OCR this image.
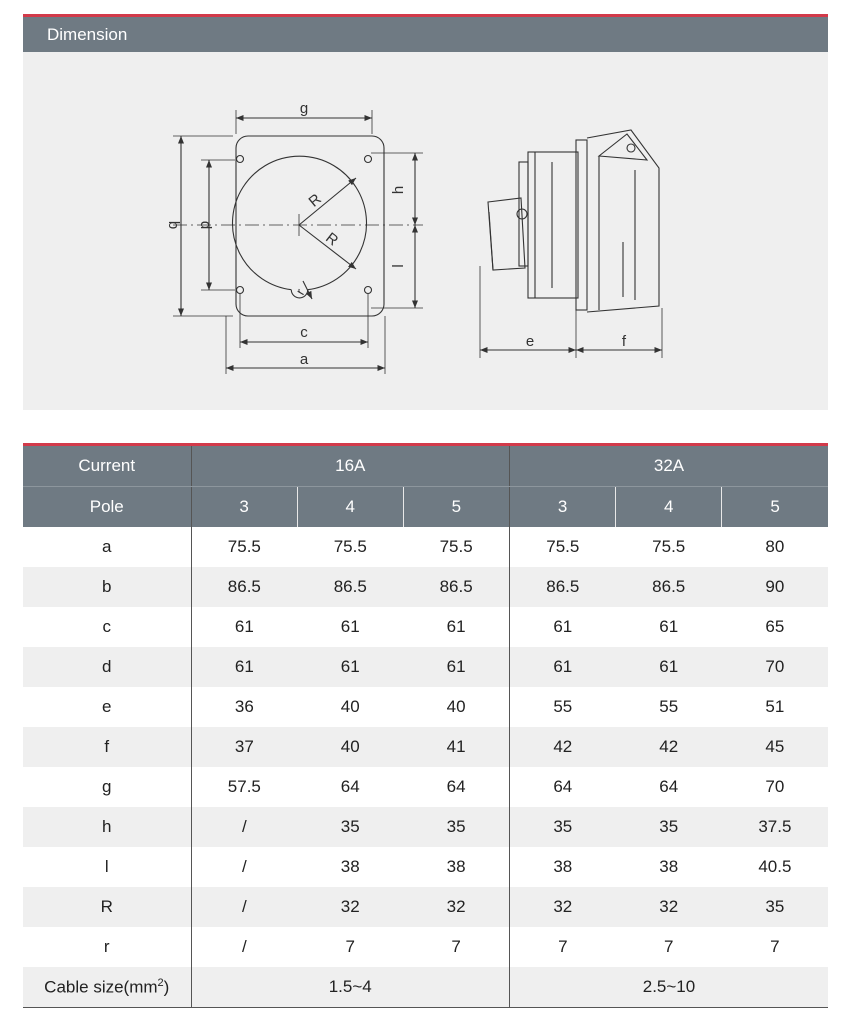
Dimension
g
b d
h
l
R
R
r
c
a
e	f
Current	16A			32A		
Pole	3	4	5	3	4	5
a	75.5	75.5	75.5	75.5	75.5	80
b	86.5	86.5	86.5	86.5	86.5	90
c	61	61	61	61	61	65
d	61	61	61	61	61	70
e	36	40	40	55	55	51
f	37	40	41	42	42	45
g	57.5	64	64	64	64	70
h	/	35	35	35	35	37.5
l	/	38	38	38	38	40.5
R	/	32	32	32	32	35
r	/	7	7	7	7	7
Cable $size(mm^2)$	1.5~4			2.5~10		
